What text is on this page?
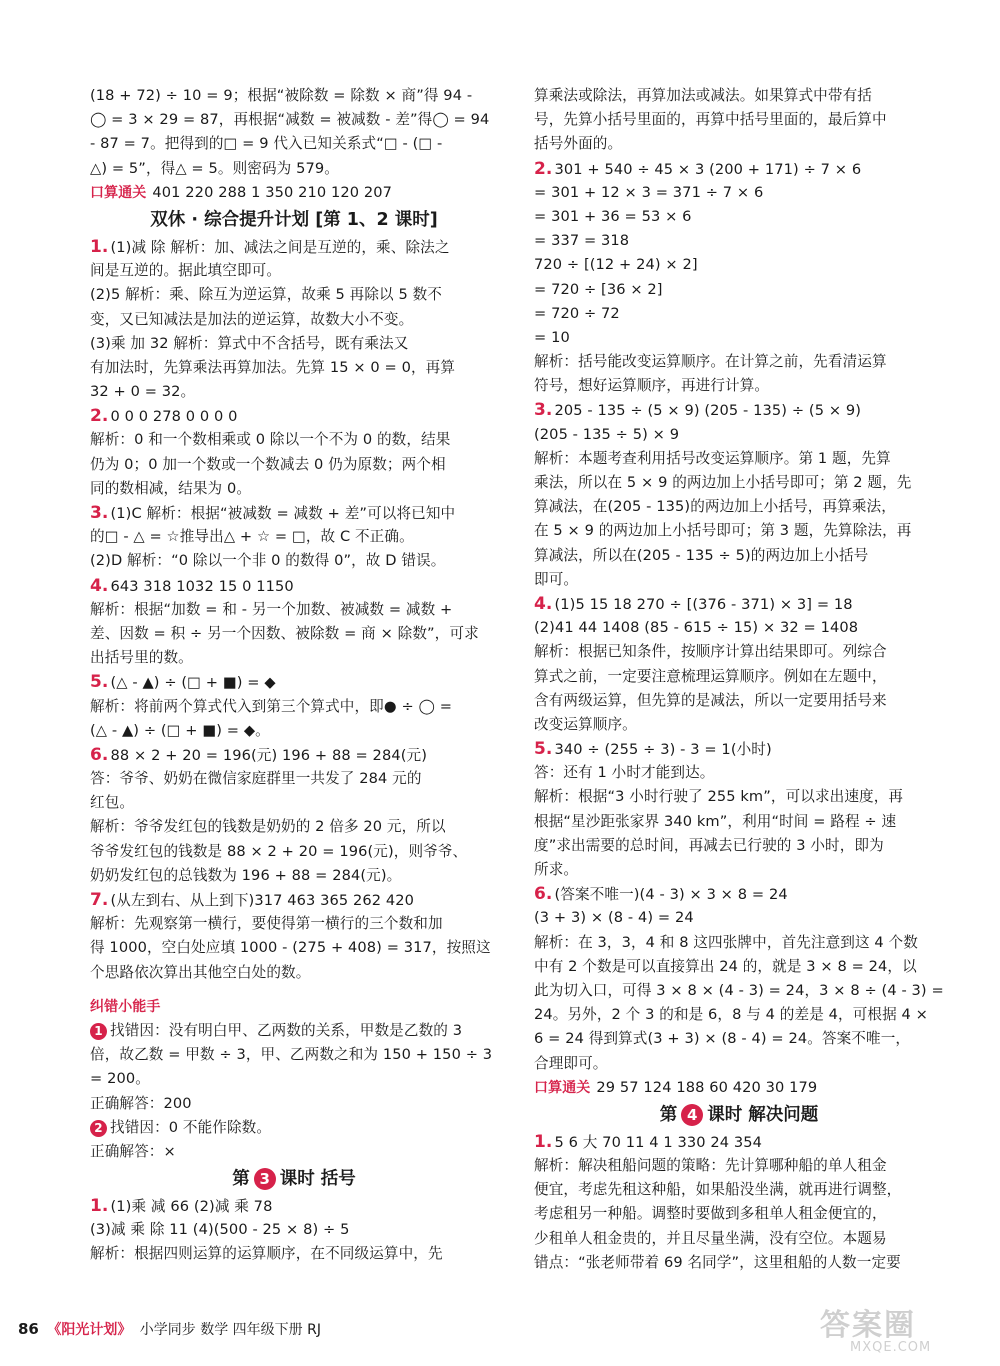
(18 + 72) ÷ 10 = 9；根据“被除数 = 除数 × 商”得 94 -
◯ = 3 × 29 = 87，再根据“减数 = 被减数 - 差”得◯ = 94
- 87 = 7。把得到的□ = 9 代入已知关系式“□ - (□ -
△) = 5”，得△ = 5。则密码为 579。
口算通关 401 220 288 1 350 210 120 207
双休 · 综合提升计划 [第 1、2 课时]
1. (1)减 除 解析：加、减法之间是互逆的，乘、除法之
间是互逆的。据此填空即可。
(2)5 解析：乘、除互为逆运算，故乘 5 再除以 5 数不
变，又已知减法是加法的逆运算，故数大小不变。
(3)乘 加 32 解析：算式中不含括号，既有乘法又
有加法时，先算乘法再算加法。先算 15 × 0 = 0，再算
32 + 0 = 32。
2. 0 0 0 278 0 0 0 0
解析：0 和一个数相乘或 0 除以一个不为 0 的数，结果
仍为 0；0 加一个数或一个数减去 0 仍为原数；两个相
同的数相减，结果为 0。
3. (1)C 解析：根据“被减数 = 减数 + 差”可以将已知中
的□ - △ = ☆推导出△ + ☆ = □，故 C 不正确。
(2)D 解析：“0 除以一个非 0 的数得 0”，故 D 错误。
4. 643 318 1032 15 0 1150
解析：根据“加数 = 和 - 另一个加数、被减数 = 减数 +
差、因数 = 积 ÷ 另一个因数、被除数 = 商 × 除数”，可求
出括号里的数。
5. (△ - ▲) ÷ (□ + ■) = ◆
解析：将前两个算式代入到第三个算式中，即● ÷ ◯ =
(△ - ▲) ÷ (□ + ■) = ◆。
6. 88 × 2 + 20 = 196(元) 196 + 88 = 284(元)
答：爷爷、奶奶在微信家庭群里一共发了 284 元的
红包。
解析：爷爷发红包的钱数是奶奶的 2 倍多 20 元，所以
爷爷发红包的钱数是 88 × 2 + 20 = 196(元)，则爷爷、
奶奶发红包的总钱数为 196 + 88 = 284(元)。
7. (从左到右、从上到下)317 463 365 262 420
解析：先观察第一横行，要使得第一横行的三个数和加
得 1000，空白处应填 1000 - (275 + 408) = 317，按照这
个思路依次算出其他空白处的数。
纠错小能手
1 找错因：没有明白甲、乙两数的关系，甲数是乙数的 3
倍，故乙数 = 甲数 ÷ 3，甲、乙两数之和为 150 + 150 ÷ 3
= 200。
正确解答：200
2 找错因：0 不能作除数。
正确解答：×
第 3 课时 括号
1. (1)乘 减 66 (2)减 乘 78
(3)减 乘 除 11 (4)(500 - 25 × 8) ÷ 5
解析：根据四则运算的运算顺序，在不同级运算中，先
算乘法或除法，再算加法或减法。如果算式中带有括
号，先算小括号里面的，再算中括号里面的，最后算中
括号外面的。
2. 301 + 540 ÷ 45 × 3 (200 + 171) ÷ 7 × 6
= 301 + 12 × 3 = 371 ÷ 7 × 6
= 301 + 36 = 53 × 6
= 337 = 318
720 ÷ [(12 + 24) × 2]
= 720 ÷ [36 × 2]
= 720 ÷ 72
= 10
解析：括号能改变运算顺序。在计算之前，先看清运算
符号，想好运算顺序，再进行计算。
3. 205 - 135 ÷ (5 × 9) (205 - 135) ÷ (5 × 9)
(205 - 135 ÷ 5) × 9
解析：本题考查利用括号改变运算顺序。第 1 题，先算
乘法，所以在 5 × 9 的两边加上小括号即可；第 2 题，先
算减法，在(205 - 135)的两边加上小括号，再算乘法，
在 5 × 9 的两边加上小括号即可；第 3 题，先算除法，再
算减法，所以在(205 - 135 ÷ 5)的两边加上小括号
即可。
4. (1)5 15 18 270 ÷ [(376 - 371) × 3] = 18
(2)41 44 1408 (85 - 615 ÷ 15) × 32 = 1408
解析：根据已知条件，按顺序计算出结果即可。列综合
算式之前，一定要注意梳理运算顺序。例如在左题中，
含有两级运算，但先算的是减法，所以一定要用括号来
改变运算顺序。
5. 340 ÷ (255 ÷ 3) - 3 = 1(小时)
答：还有 1 小时才能到达。
解析：根据“3 小时行驶了 255 km”，可以求出速度，再
根据“星沙距张家界 340 km”，利用“时间 = 路程 ÷ 速
度”求出需要的总时间，再减去已行驶的 3 小时，即为
所求。
6. (答案不唯一)(4 - 3) × 3 × 8 = 24
(3 + 3) × (8 - 4) = 24
解析：在 3，3，4 和 8 这四张牌中，首先注意到这 4 个数
中有 2 个数是可以直接算出 24 的，就是 3 × 8 = 24，以
此为切入口，可得 3 × 8 × (4 - 3) = 24，3 × 8 ÷ (4 - 3) =
24。另外，2 个 3 的和是 6，8 与 4 的差是 4，可根据 4 ×
6 = 24 得到算式(3 + 3) × (8 - 4) = 24。答案不唯一，
合理即可。
口算通关 29 57 124 188 60 420 30 179
第 4 课时 解决问题
1. 5 6 大 70 11 4 1 330 24 354
解析：解决租船问题的策略：先计算哪种船的单人租金
便宜，考虑先租这种船，如果船没坐满，就再进行调整，
考虑租另一种船。调整时要做到多租单人租金便宜的，
少租单人租金贵的，并且尽量坐满，没有空位。本题易
错点：“张老师带着 69 名同学”，这里租船的人数一定要
86 《阳光计划》 小学同步 数学 四年级下册 RJ	答案圈
MXQE.COM
